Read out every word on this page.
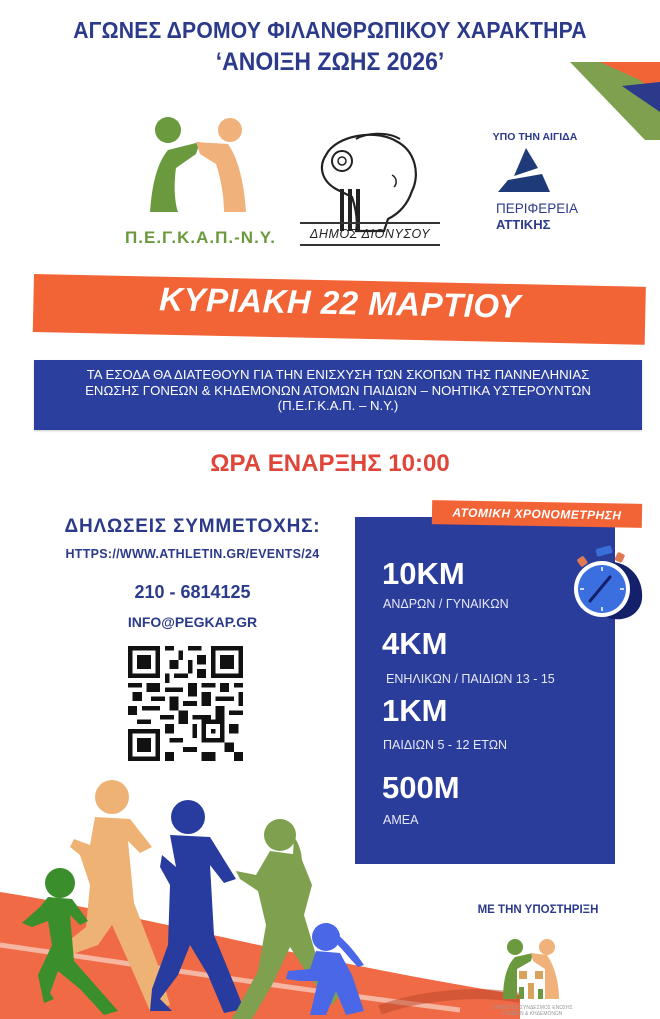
ΑΓΩΝΕΣ ΔΡΟΜΟΥ ΦΙΛΑΝΘΡΩΠΙΚΟΥ ΧΑΡΑΚΤΗΡΑ
‘ΑΝΟΙΞΗ ΖΩΗΣ 2026’
Π.Ε.Γ.Κ.Α.Π.-Ν.Υ.	ΔΗΜΟΣ ΔΙΟΝΥΣΟΥ
ΥΠΟ ΤΗΝ ΑΙΓΙΔΑ
ΠΕΡΙΦΕΡΕΙΑ
ΑΤΤΙΚΗΣ
ΚΥΡΙΑΚΗ 22 ΜΑΡΤΙΟΥ
ΤΑ ΕΣΟΔΑ ΘΑ ΔΙΑΤΕΘΟΥΝ ΓΙΑ ΤΗΝ ΕΝΙΣΧΥΣΗ ΤΩΝ ΣΚΟΠΩΝ ΤΗΣ ΠΑΝΝΕΛΗΝΙΑΣ
ΕΝΩΣΗΣ ΓΟΝΕΩΝ & ΚΗΔΕΜΟΝΩΝ ΑΤΟΜΩΝ ΠΑΙΔΙΩΝ – ΝΟΗΤΙΚΑ ΥΣΤΕΡΟΥΝΤΩΝ
(Π.Ε.Γ.Κ.Α.Π. – Ν.Υ.)
ΩΡΑ ΕΝΑΡΞΗΣ 10:00
ΔΗΛΩΣΕΙΣ ΣΥΜΜΕΤΟΧΗΣ:
HTTPS://WWW.ATHLETIN.GR/EVENTS/24
210 - 6814125
INFO@PEGKAP.GR
ΑΤΟΜΙΚΗ ΧΡΟΝΟΜΕΤΡΗΣΗ
10KM
ΑΝΔΡΩΝ / ΓΥΝΑΙΚΩΝ
4KM
ΕΝΗΛΙΚΩΝ / ΠΑΙΔΙΩΝ 13 - 15
1KM
ΠΑΙΔΙΩΝ 5 - 12 ΕΤΩΝ
500M
ΑΜΕΑ
ΜΕ ΤΗΝ ΥΠΟΣΤΗΡΙΞΗ
ΣΥΛΛΟΓΟΣ ΣΥΝΔΕΣΜΟΣ ΕΝΩΣΗΣ ΓΟΝΕΩΝ & ΚΗΔΕΜΟΝΩΝ
